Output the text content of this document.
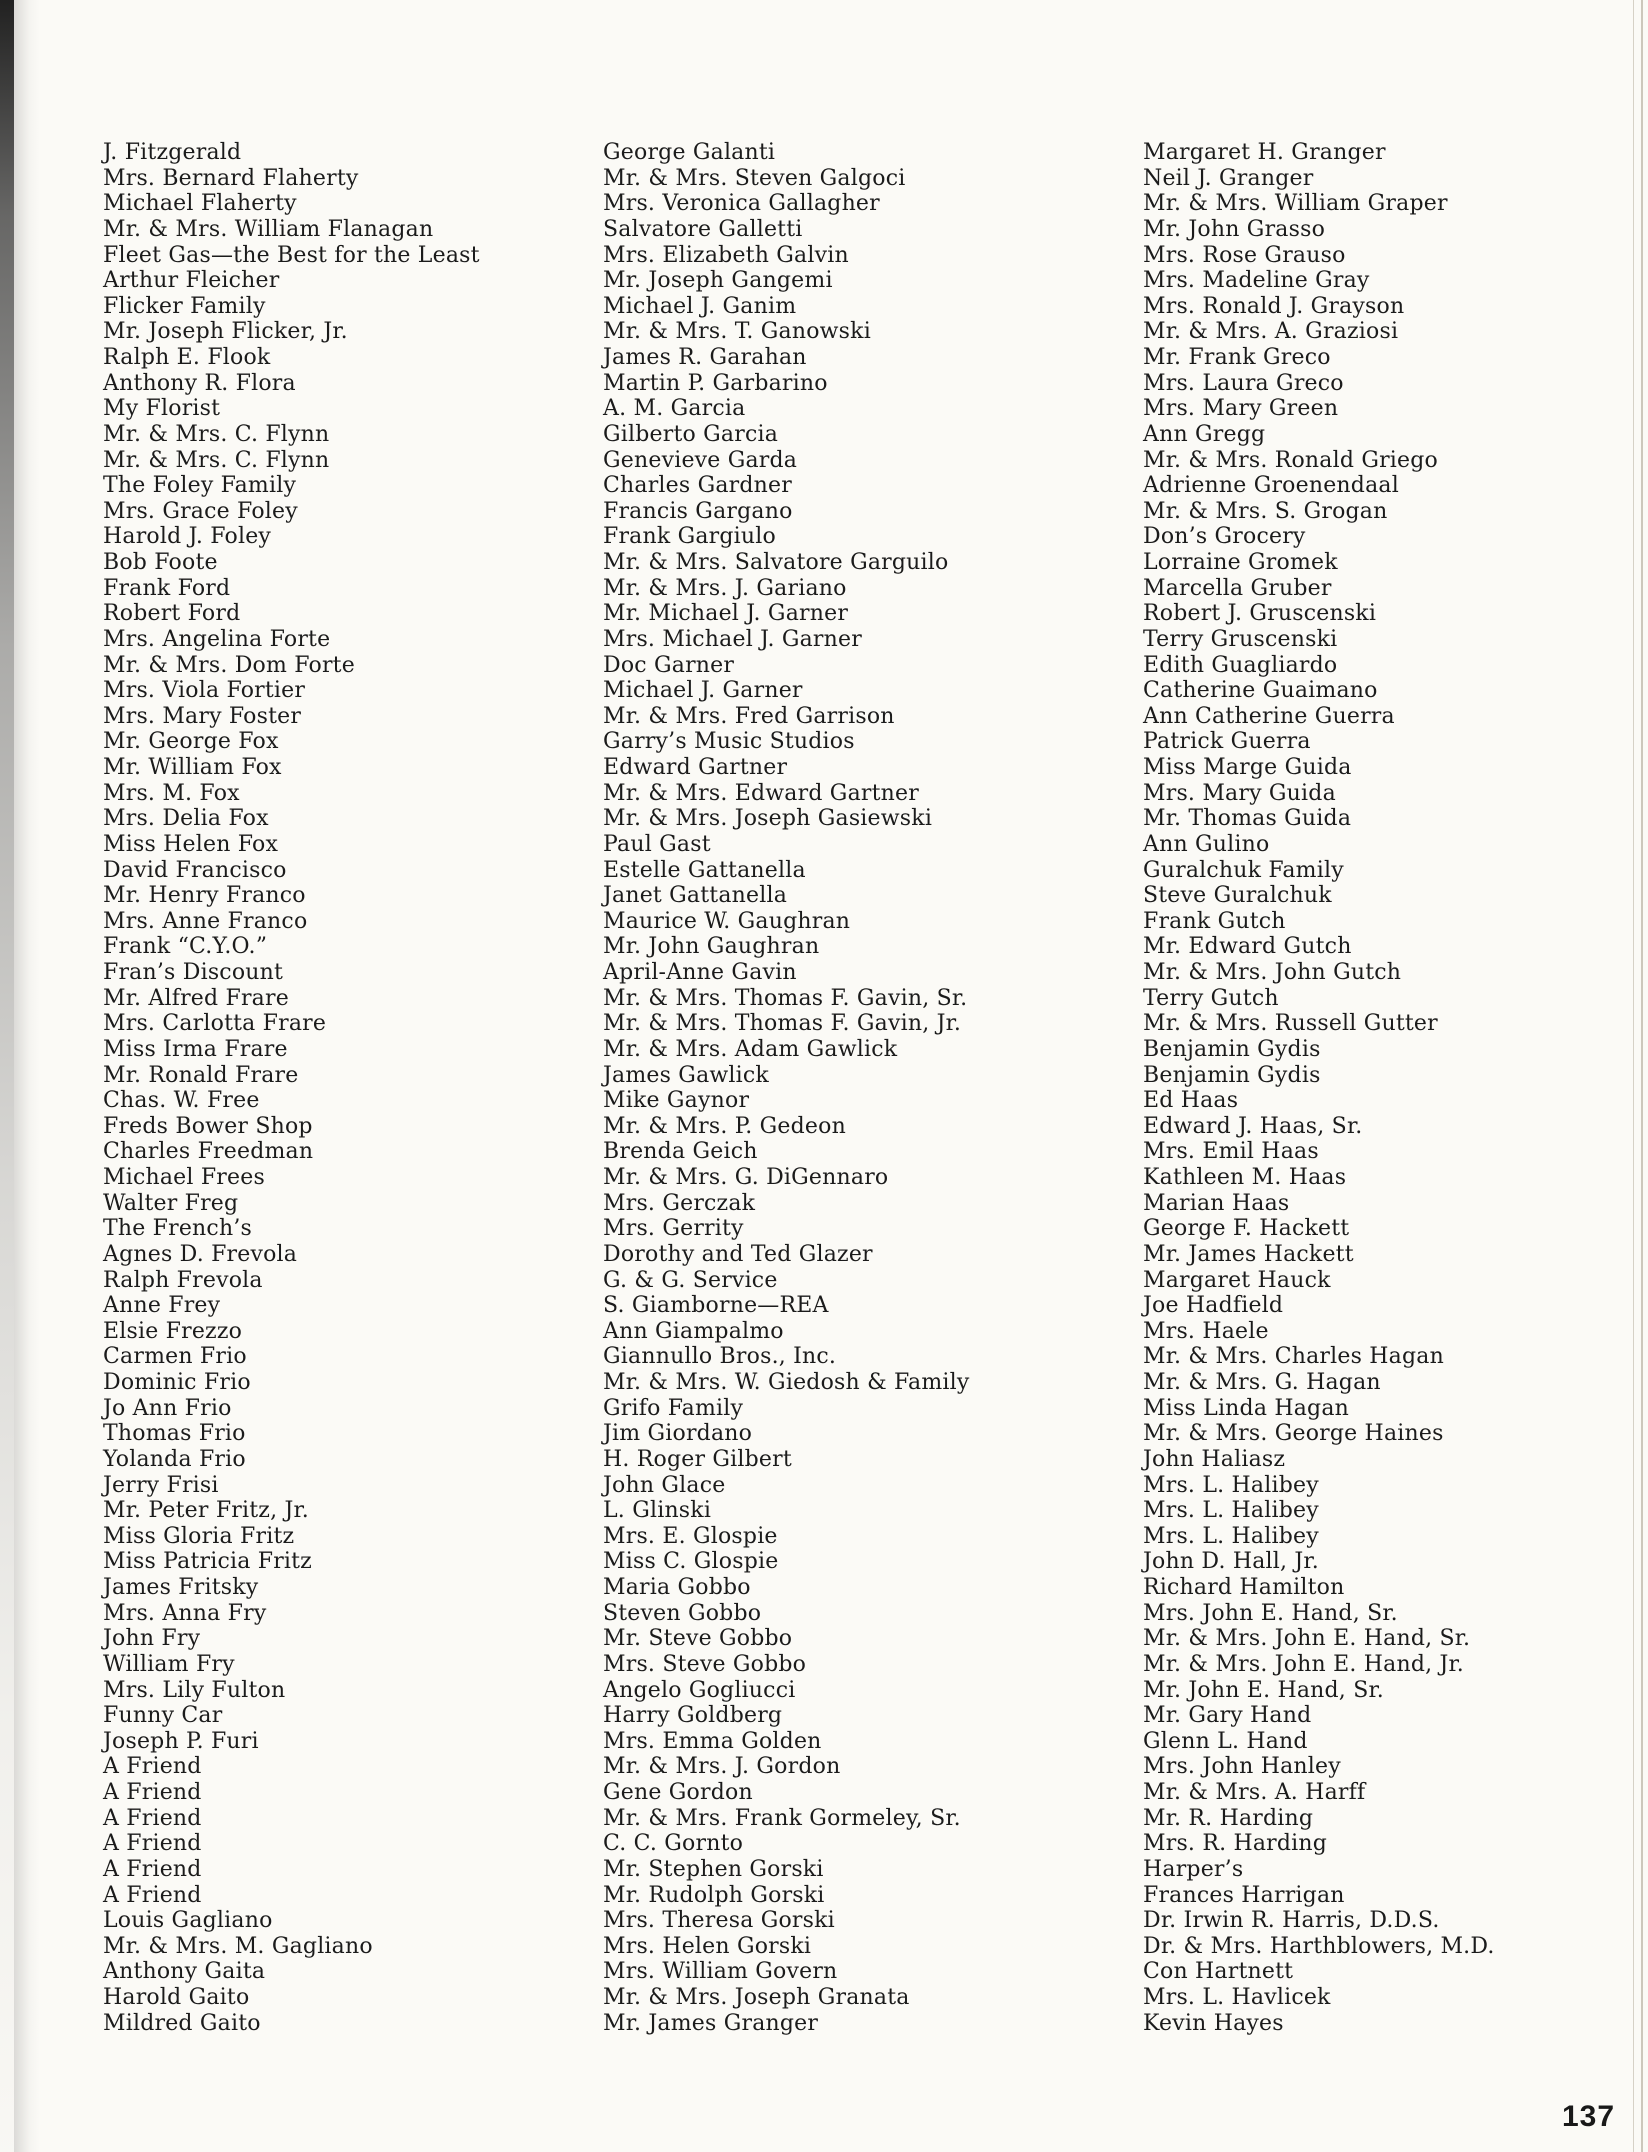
J. Fitzgerald
Mrs. Bernard Flaherty
Michael Flaherty
Mr. & Mrs. William Flanagan
Fleet Gas—the Best for the Least
Arthur Fleicher
Flicker Family
Mr. Joseph Flicker, Jr.
Ralph E. Flook
Anthony R. Flora
My Florist
Mr. & Mrs. C. Flynn
Mr. & Mrs. C. Flynn
The Foley Family
Mrs. Grace Foley
Harold J. Foley
Bob Foote
Frank Ford
Robert Ford
Mrs. Angelina Forte
Mr. & Mrs. Dom Forte
Mrs. Viola Fortier
Mrs. Mary Foster
Mr. George Fox
Mr. William Fox
Mrs. M. Fox
Mrs. Delia Fox
Miss Helen Fox
David Francisco
Mr. Henry Franco
Mrs. Anne Franco
Frank “C.Y.O.”
Fran’s Discount
Mr. Alfred Frare
Mrs. Carlotta Frare
Miss Irma Frare
Mr. Ronald Frare
Chas. W. Free
Freds Bower Shop
Charles Freedman
Michael Frees
Walter Freg
The French’s
Agnes D. Frevola
Ralph Frevola
Anne Frey
Elsie Frezzo
Carmen Frio
Dominic Frio
Jo Ann Frio
Thomas Frio
Yolanda Frio
Jerry Frisi
Mr. Peter Fritz, Jr.
Miss Gloria Fritz
Miss Patricia Fritz
James Fritsky
Mrs. Anna Fry
John Fry
William Fry
Mrs. Lily Fulton
Funny Car
Joseph P. Furi
A Friend
A Friend
A Friend
A Friend
A Friend
A Friend
Louis Gagliano
Mr. & Mrs. M. Gagliano
Anthony Gaita
Harold Gaito
Mildred Gaito
George Galanti
Mr. & Mrs. Steven Galgoci
Mrs. Veronica Gallagher
Salvatore Galletti
Mrs. Elizabeth Galvin
Mr. Joseph Gangemi
Michael J. Ganim
Mr. & Mrs. T. Ganowski
James R. Garahan
Martin P. Garbarino
A. M. Garcia
Gilberto Garcia
Genevieve Garda
Charles Gardner
Francis Gargano
Frank Gargiulo
Mr. & Mrs. Salvatore Garguilo
Mr. & Mrs. J. Gariano
Mr. Michael J. Garner
Mrs. Michael J. Garner
Doc Garner
Michael J. Garner
Mr. & Mrs. Fred Garrison
Garry’s Music Studios
Edward Gartner
Mr. & Mrs. Edward Gartner
Mr. & Mrs. Joseph Gasiewski
Paul Gast
Estelle Gattanella
Janet Gattanella
Maurice W. Gaughran
Mr. John Gaughran
April-Anne Gavin
Mr. & Mrs. Thomas F. Gavin, Sr.
Mr. & Mrs. Thomas F. Gavin, Jr.
Mr. & Mrs. Adam Gawlick
James Gawlick
Mike Gaynor
Mr. & Mrs. P. Gedeon
Brenda Geich
Mr. & Mrs. G. DiGennaro
Mrs. Gerczak
Mrs. Gerrity
Dorothy and Ted Glazer
G. & G. Service
S. Giamborne—REA
Ann Giampalmo
Giannullo Bros., Inc.
Mr. & Mrs. W. Giedosh & Family
Grifo Family
Jim Giordano
H. Roger Gilbert
John Glace
L. Glinski
Mrs. E. Glospie
Miss C. Glospie
Maria Gobbo
Steven Gobbo
Mr. Steve Gobbo
Mrs. Steve Gobbo
Angelo Gogliucci
Harry Goldberg
Mrs. Emma Golden
Mr. & Mrs. J. Gordon
Gene Gordon
Mr. & Mrs. Frank Gormeley, Sr.
C. C. Gornto
Mr. Stephen Gorski
Mr. Rudolph Gorski
Mrs. Theresa Gorski
Mrs. Helen Gorski
Mrs. William Govern
Mr. & Mrs. Joseph Granata
Mr. James Granger
Margaret H. Granger
Neil J. Granger
Mr. & Mrs. William Graper
Mr. John Grasso
Mrs. Rose Grauso
Mrs. Madeline Gray
Mrs. Ronald J. Grayson
Mr. & Mrs. A. Graziosi
Mr. Frank Greco
Mrs. Laura Greco
Mrs. Mary Green
Ann Gregg
Mr. & Mrs. Ronald Griego
Adrienne Groenendaal
Mr. & Mrs. S. Grogan
Don’s Grocery
Lorraine Gromek
Marcella Gruber
Robert J. Gruscenski
Terry Gruscenski
Edith Guagliardo
Catherine Guaimano
Ann Catherine Guerra
Patrick Guerra
Miss Marge Guida
Mrs. Mary Guida
Mr. Thomas Guida
Ann Gulino
Guralchuk Family
Steve Guralchuk
Frank Gutch
Mr. Edward Gutch
Mr. & Mrs. John Gutch
Terry Gutch
Mr. & Mrs. Russell Gutter
Benjamin Gydis
Benjamin Gydis
Ed Haas
Edward J. Haas, Sr.
Mrs. Emil Haas
Kathleen M. Haas
Marian Haas
George F. Hackett
Mr. James Hackett
Margaret Hauck
Joe Hadfield
Mrs. Haele
Mr. & Mrs. Charles Hagan
Mr. & Mrs. G. Hagan
Miss Linda Hagan
Mr. & Mrs. George Haines
John Haliasz
Mrs. L. Halibey
Mrs. L. Halibey
Mrs. L. Halibey
John D. Hall, Jr.
Richard Hamilton
Mrs. John E. Hand, Sr.
Mr. & Mrs. John E. Hand, Sr.
Mr. & Mrs. John E. Hand, Jr.
Mr. John E. Hand, Sr.
Mr. Gary Hand
Glenn L. Hand
Mrs. John Hanley
Mr. & Mrs. A. Harff
Mr. R. Harding
Mrs. R. Harding
Harper’s
Frances Harrigan
Dr. Irwin R. Harris, D.D.S.
Dr. & Mrs. Harthblowers, M.D.
Con Hartnett
Mrs. L. Havlicek
Kevin Hayes
137
